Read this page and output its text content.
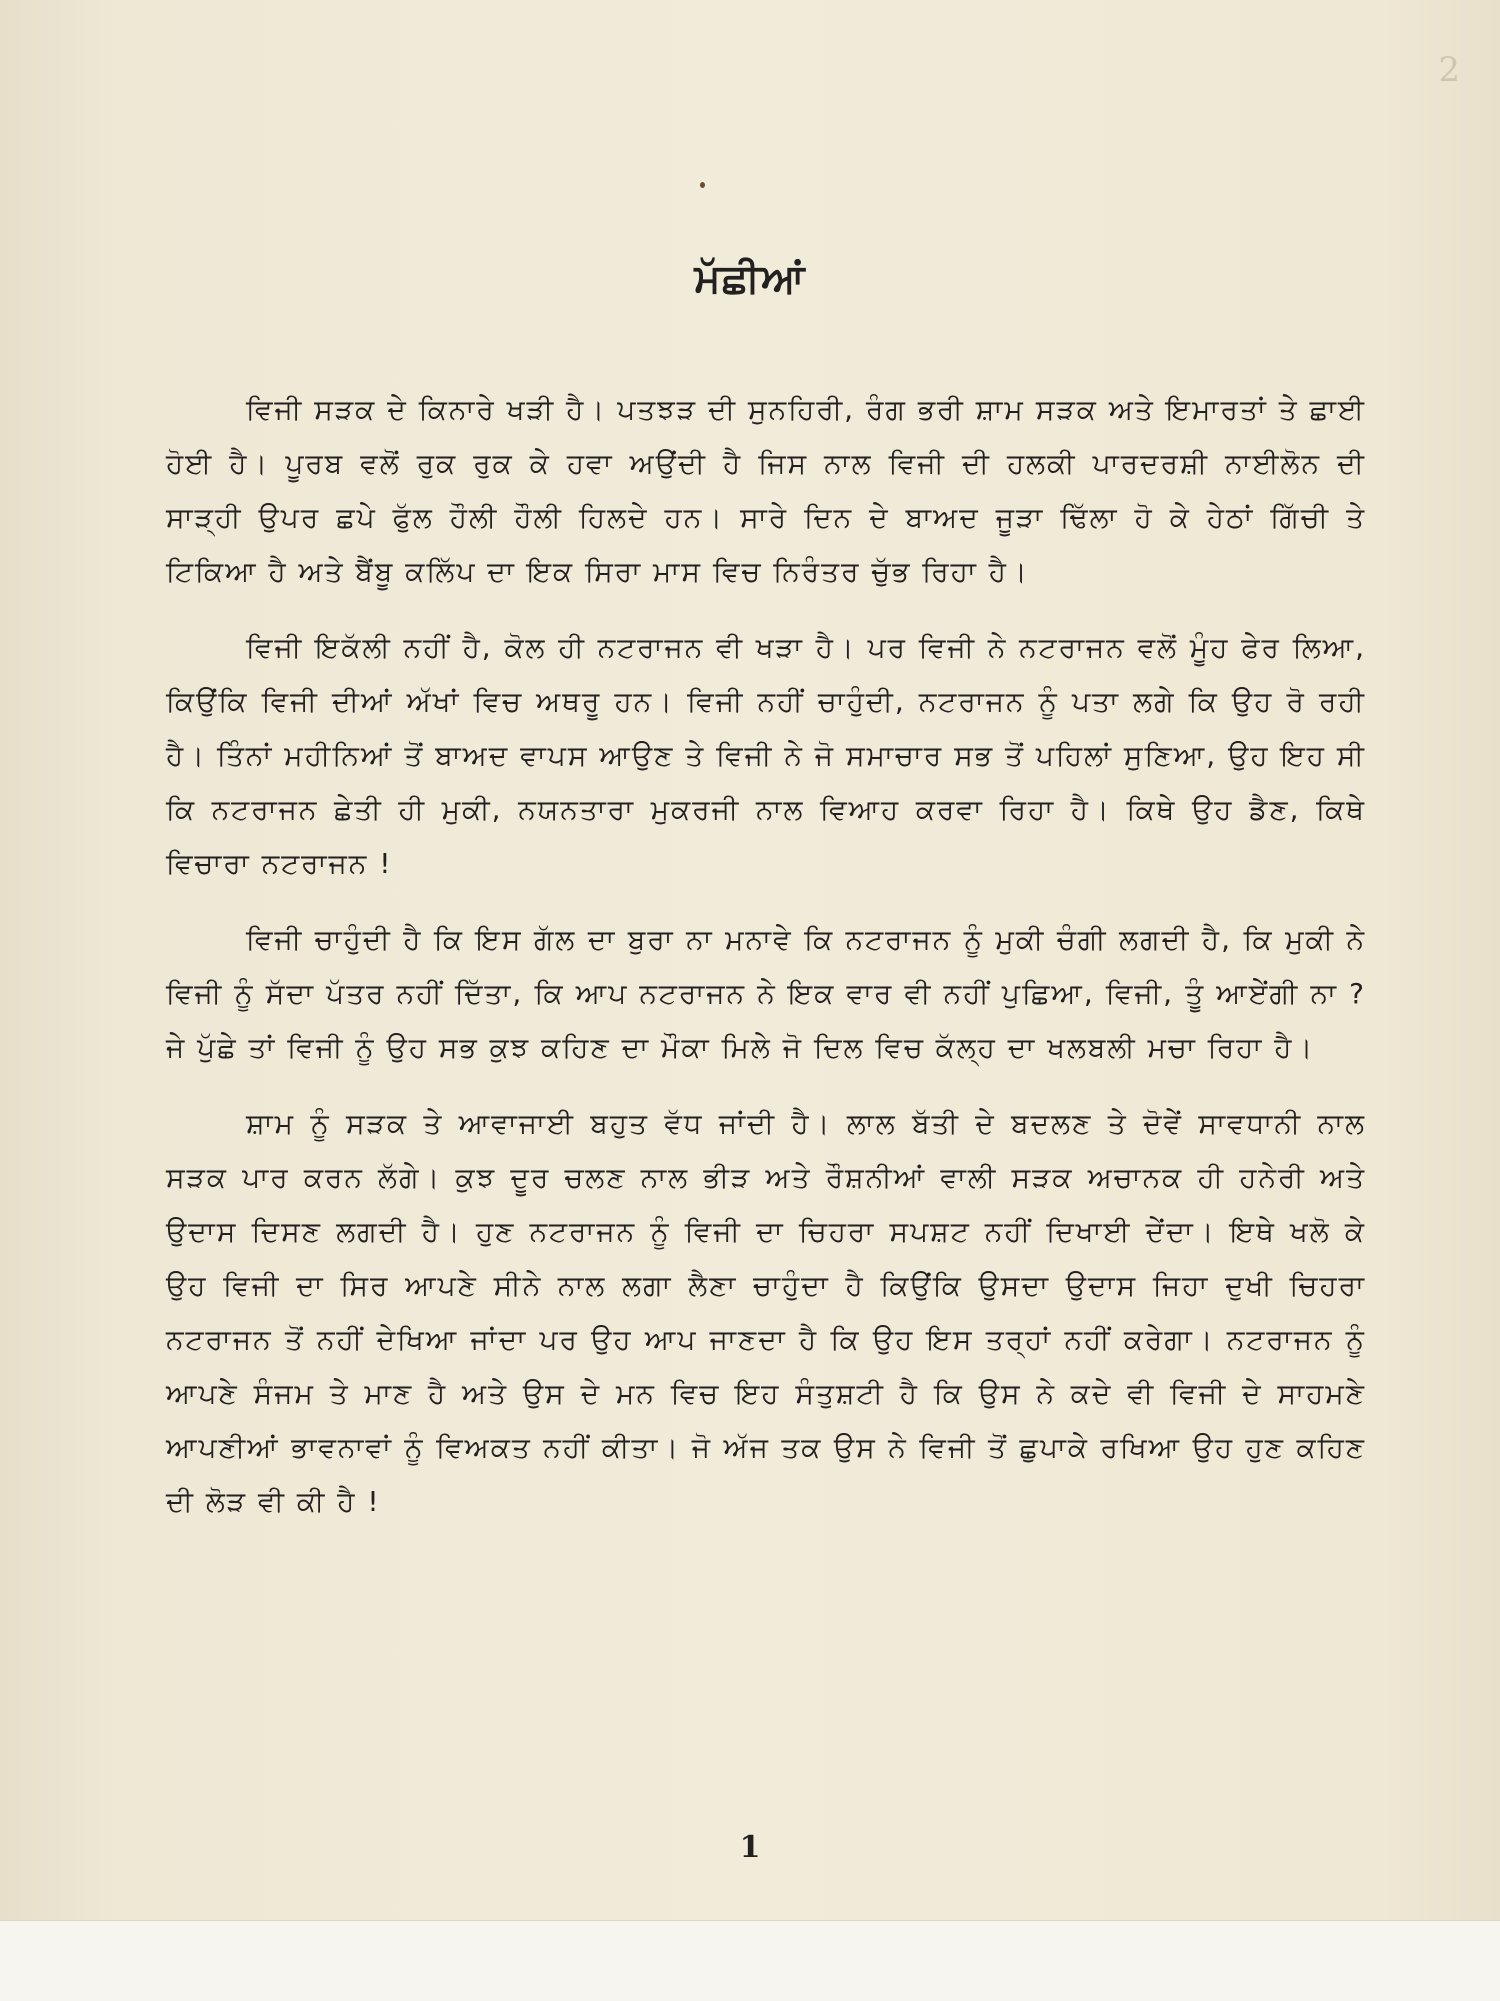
2
ਮੱਛੀਆਂ

ਵਿਜੀ ਸੜਕ ਦੇ ਕਿਨਾਰੇ ਖੜੀ ਹੈ। ਪਤਝੜ ਦੀ ਸੁਨਹਿਰੀ, ਰੰਗ ਭਰੀ ਸ਼ਾਮ ਸੜਕ ਅਤੇ ਇਮਾਰਤਾਂ ਤੇ ਛਾਈ ਹੋਈ ਹੈ। ਪੂਰਬ ਵਲੋਂ ਰੁਕ ਰੁਕ ਕੇ ਹਵਾ ਅਉਂਦੀ ਹੈ ਜਿਸ ਨਾਲ ਵਿਜੀ ਦੀ ਹਲਕੀ ਪਾਰਦਰਸ਼ੀ ਨਾਈਲੋਨ ਦੀ ਸਾੜ੍ਹੀ ਉਪਰ ਛਪੇ ਫੁੱਲ ਹੌਲੀ ਹੌਲੀ ਹਿਲਦੇ ਹਨ। ਸਾਰੇ ਦਿਨ ਦੇ ਬਾਅਦ ਜੂੜਾ ਢਿੱਲਾ ਹੋ ਕੇ ਹੇਠਾਂ ਗਿੱਚੀ ਤੇ ਟਿਕਿਆ ਹੈ ਅਤੇ ਬੈਂਬੂ ਕਲਿੱਪ ਦਾ ਇਕ ਸਿਰਾ ਮਾਸ ਵਿਚ ਨਿਰੰਤਰ ਚੁੱਭ ਰਿਹਾ ਹੈ।

ਵਿਜੀ ਇਕੱਲੀ ਨਹੀਂ ਹੈ, ਕੋਲ ਹੀ ਨਟਰਾਜਨ ਵੀ ਖੜਾ ਹੈ। ਪਰ ਵਿਜੀ ਨੇ ਨਟਰਾਜਨ ਵਲੋਂ ਮੂੰਹ ਫੇਰ ਲਿਆ, ਕਿਉਂਕਿ ਵਿਜੀ ਦੀਆਂ ਅੱਖਾਂ ਵਿਚ ਅਥਰੂ ਹਨ। ਵਿਜੀ ਨਹੀਂ ਚਾਹੁੰਦੀ, ਨਟਰਾਜਨ ਨੂੰ ਪਤਾ ਲਗੇ ਕਿ ਉਹ ਰੋ ਰਹੀ ਹੈ। ਤਿੰਨਾਂ ਮਹੀਨਿਆਂ ਤੋਂ ਬਾਅਦ ਵਾਪਸ ਆਉਣ ਤੇ ਵਿਜੀ ਨੇ ਜੋ ਸਮਾਚਾਰ ਸਭ ਤੋਂ ਪਹਿਲਾਂ ਸੁਣਿਆ, ਉਹ ਇਹ ਸੀ ਕਿ ਨਟਰਾਜਨ ਛੇਤੀ ਹੀ ਮੁਕੀ, ਨਯਨਤਾਰਾ ਮੁਕਰਜੀ ਨਾਲ ਵਿਆਹ ਕਰਵਾ ਰਿਹਾ ਹੈ। ਕਿਥੇ ਉਹ ਡੈਣ, ਕਿਥੇ ਵਿਚਾਰਾ ਨਟਰਾਜਨ !

ਵਿਜੀ ਚਾਹੁੰਦੀ ਹੈ ਕਿ ਇਸ ਗੱਲ ਦਾ ਬੁਰਾ ਨਾ ਮਨਾਵੇ ਕਿ ਨਟਰਾਜਨ ਨੂੰ ਮੁਕੀ ਚੰਗੀ ਲਗਦੀ ਹੈ, ਕਿ ਮੁਕੀ ਨੇ ਵਿਜੀ ਨੂੰ ਸੱਦਾ ਪੱਤਰ ਨਹੀਂ ਦਿੱਤਾ, ਕਿ ਆਪ ਨਟਰਾਜਨ ਨੇ ਇਕ ਵਾਰ ਵੀ ਨਹੀਂ ਪੁਛਿਆ, ਵਿਜੀ, ਤੂੰ ਆਏਂਗੀ ਨਾ ? ਜੇ ਪੁੱਛੇ ਤਾਂ ਵਿਜੀ ਨੂੰ ਉਹ ਸਭ ਕੁਝ ਕਹਿਣ ਦਾ ਮੌਕਾ ਮਿਲੇ ਜੋ ਦਿਲ ਵਿਚ ਕੱਲ੍ਹ ਦਾ ਖਲਬਲੀ ਮਚਾ ਰਿਹਾ ਹੈ।

ਸ਼ਾਮ ਨੂੰ ਸੜਕ ਤੇ ਆਵਾਜਾਈ ਬਹੁਤ ਵੱਧ ਜਾਂਦੀ ਹੈ। ਲਾਲ ਬੱਤੀ ਦੇ ਬਦਲਣ ਤੇ ਦੋਵੇਂ ਸਾਵਧਾਨੀ ਨਾਲ ਸੜਕ ਪਾਰ ਕਰਨ ਲੱਗੇ। ਕੁਝ ਦੂਰ ਚਲਣ ਨਾਲ ਭੀੜ ਅਤੇ ਰੌਸ਼ਨੀਆਂ ਵਾਲੀ ਸੜਕ ਅਚਾਨਕ ਹੀ ਹਨੇਰੀ ਅਤੇ ਉਦਾਸ ਦਿਸਣ ਲਗਦੀ ਹੈ। ਹੁਣ ਨਟਰਾਜਨ ਨੂੰ ਵਿਜੀ ਦਾ ਚਿਹਰਾ ਸਪਸ਼ਟ ਨਹੀਂ ਦਿਖਾਈ ਦੇਂਦਾ। ਇਥੇ ਖਲੋ ਕੇ ਉਹ ਵਿਜੀ ਦਾ ਸਿਰ ਆਪਣੇ ਸੀਨੇ ਨਾਲ ਲਗਾ ਲੈਣਾ ਚਾਹੁੰਦਾ ਹੈ ਕਿਉਂਕਿ ਉਸਦਾ ਉਦਾਸ ਜਿਹਾ ਦੁਖੀ ਚਿਹਰਾ ਨਟਰਾਜਨ ਤੋਂ ਨਹੀਂ ਦੇਖਿਆ ਜਾਂਦਾ ਪਰ ਉਹ ਆਪ ਜਾਣਦਾ ਹੈ ਕਿ ਉਹ ਇਸ ਤਰ੍ਹਾਂ ਨਹੀਂ ਕਰੇਗਾ। ਨਟਰਾਜਨ ਨੂੰ ਆਪਣੇ ਸੰਜਮ ਤੇ ਮਾਣ ਹੈ ਅਤੇ ਉਸ ਦੇ ਮਨ ਵਿਚ ਇਹ ਸੰਤੁਸ਼ਟੀ ਹੈ ਕਿ ਉਸ ਨੇ ਕਦੇ ਵੀ ਵਿਜੀ ਦੇ ਸਾਹਮਣੇ ਆਪਣੀਆਂ ਭਾਵਨਾਵਾਂ ਨੂੰ ਵਿਅਕਤ ਨਹੀਂ ਕੀਤਾ। ਜੋ ਅੱਜ ਤਕ ਉਸ ਨੇ ਵਿਜੀ ਤੋਂ ਛੁਪਾਕੇ ਰਖਿਆ ਉਹ ਹੁਣ ਕਹਿਣ ਦੀ ਲੋੜ ਵੀ ਕੀ ਹੈ !

1
